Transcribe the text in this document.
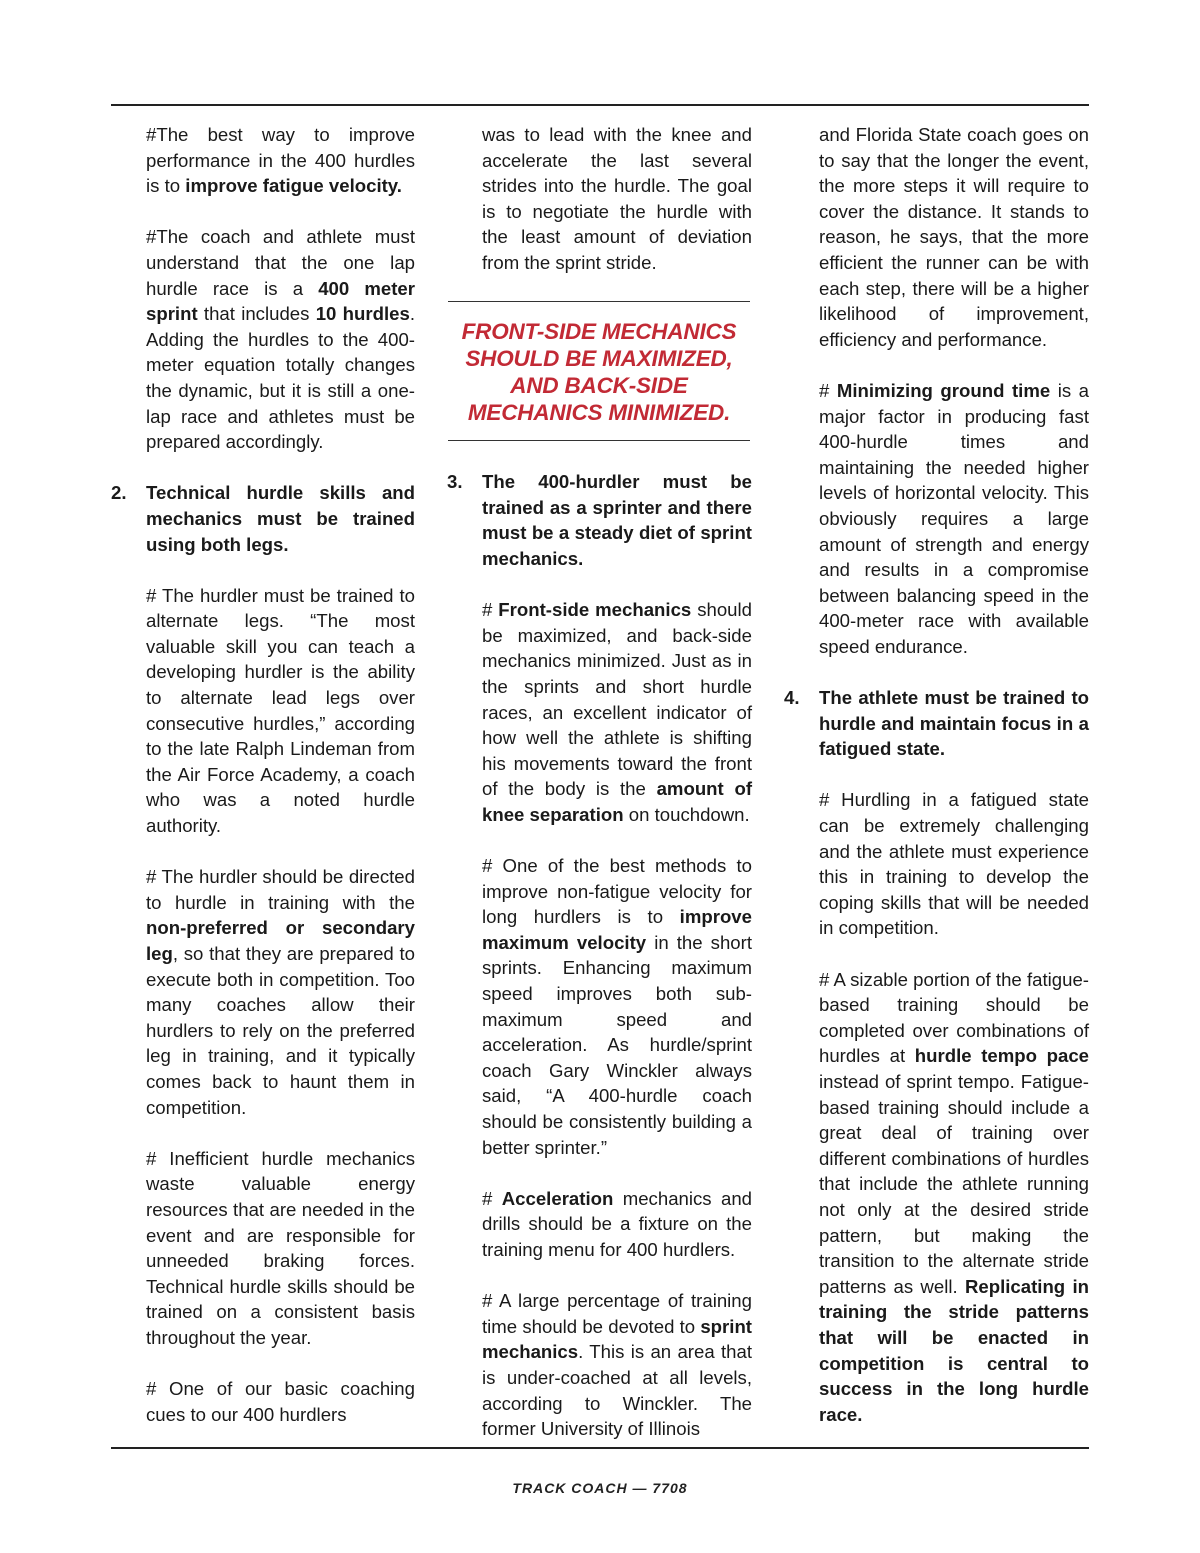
#The best way to improve performance in the 400 hurdles is to improve fatigue velocity.

#The coach and athlete must understand that the one lap hurdle race is a 400 meter sprint that includes 10 hurdles. Adding the hurdles to the 400-meter equation totally changes the dynamic, but it is still a one-lap race and athletes must be prepared accordingly.

2. Technical hurdle skills and mechanics must be trained using both legs.

# The hurdler must be trained to alternate legs. “The most valuable skill you can teach a developing hurdler is the ability to alternate lead legs over consecutive hurdles,” according to the late Ralph Lindeman from the Air Force Academy, a coach who was a noted hurdle authority.

# The hurdler should be directed to hurdle in training with the non-preferred or secondary leg, so that they are prepared to execute both in competition. Too many coaches allow their hurdlers to rely on the preferred leg in training, and it typically comes back to haunt them in competition.

# Inefficient hurdle mechanics waste valuable energy resources that are needed in the event and are responsible for unneeded braking forces. Technical hurdle skills should be trained on a consistent basis throughout the year.

# One of our basic coaching cues to our 400 hurdlers

was to lead with the knee and accelerate the last several strides into the hurdle. The goal is to negotiate the hurdle with the least amount of deviation from the sprint stride.

FRONT-SIDE MECHANICS SHOULD BE MAXIMIZED, AND BACK-SIDE MECHANICS MINIMIZED.

3. The 400-hurdler must be trained as a sprinter and there must be a steady diet of sprint mechanics.

# Front-side mechanics should be maximized, and back-side mechanics minimized. Just as in the sprints and short hurdle races, an excellent indicator of how well the athlete is shifting his movements toward the front of the body is the amount of knee separation on touchdown.

# One of the best methods to improve non-fatigue velocity for long hurdlers is to improve maximum velocity in the short sprints. Enhancing maximum speed improves both sub-maximum speed and acceleration. As hurdle/sprint coach Gary Winckler always said, “A 400-hurdle coach should be consistently building a better sprinter.”

# Acceleration mechanics and drills should be a fixture on the training menu for 400 hurdlers.

# A large percentage of training time should be devoted to sprint mechanics. This is an area that is under-coached at all levels, according to Winckler. The former University of Illinois

and Florida State coach goes on to say that the longer the event, the more steps it will require to cover the distance. It stands to reason, he says, that the more efficient the runner can be with each step, there will be a higher likelihood of improvement, efficiency and performance.

# Minimizing ground time is a major factor in producing fast 400-hurdle times and maintaining the needed higher levels of horizontal velocity. This obviously requires a large amount of strength and energy and results in a compromise between balancing speed in the 400-meter race with available speed endurance.

4. The athlete must be trained to hurdle and maintain focus in a fatigued state.

# Hurdling in a fatigued state can be extremely challenging and the athlete must experience this in training to develop the coping skills that will be needed in competition.

# A sizable portion of the fatigue-based training should be completed over combinations of hurdles at hurdle tempo pace instead of sprint tempo. Fatigue-based training should include a great deal of training over different combinations of hurdles that include the athlete running not only at the desired stride pattern, but making the transition to the alternate stride patterns as well. Replicating in training the stride patterns that will be enacted in competition is central to success in the long hurdle race.

TRACK COACH — 7708
